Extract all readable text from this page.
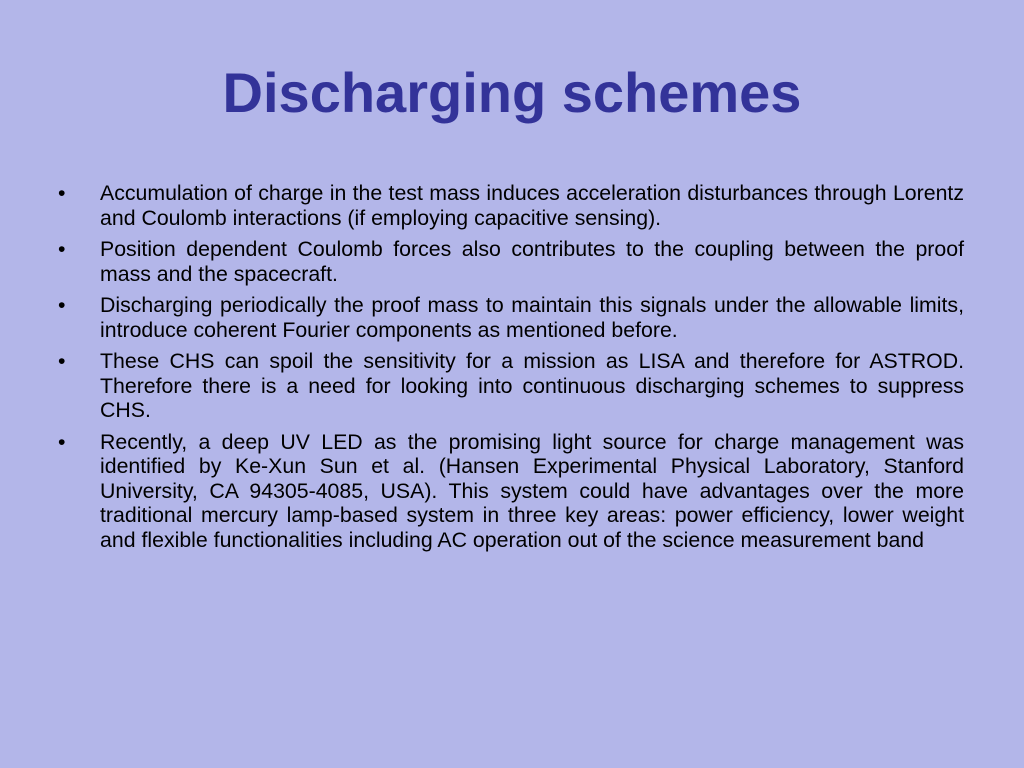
Discharging schemes
•	Accumulation of charge in the test mass induces acceleration disturbances through Lorentz and Coulomb interactions (if employing capacitive sensing).
•	Position dependent Coulomb forces also contributes to the coupling between the proof mass and the spacecraft.
•	Discharging periodically the proof mass to maintain this signals under the allowable limits, introduce coherent Fourier components as mentioned before.
•	These CHS can spoil the sensitivity for a mission as LISA and therefore for ASTROD. Therefore there is a need for looking into continuous discharging schemes to suppress CHS.
•	Recently, a deep UV LED as the promising light source for charge management was identified by Ke-Xun Sun et al. (Hansen Experimental Physical Laboratory, Stanford University, CA 94305-4085, USA). This system could have advantages over the more traditional mercury lamp-based system in three key areas: power efficiency, lower weight and flexible functionalities including AC operation out of the science measurement band
